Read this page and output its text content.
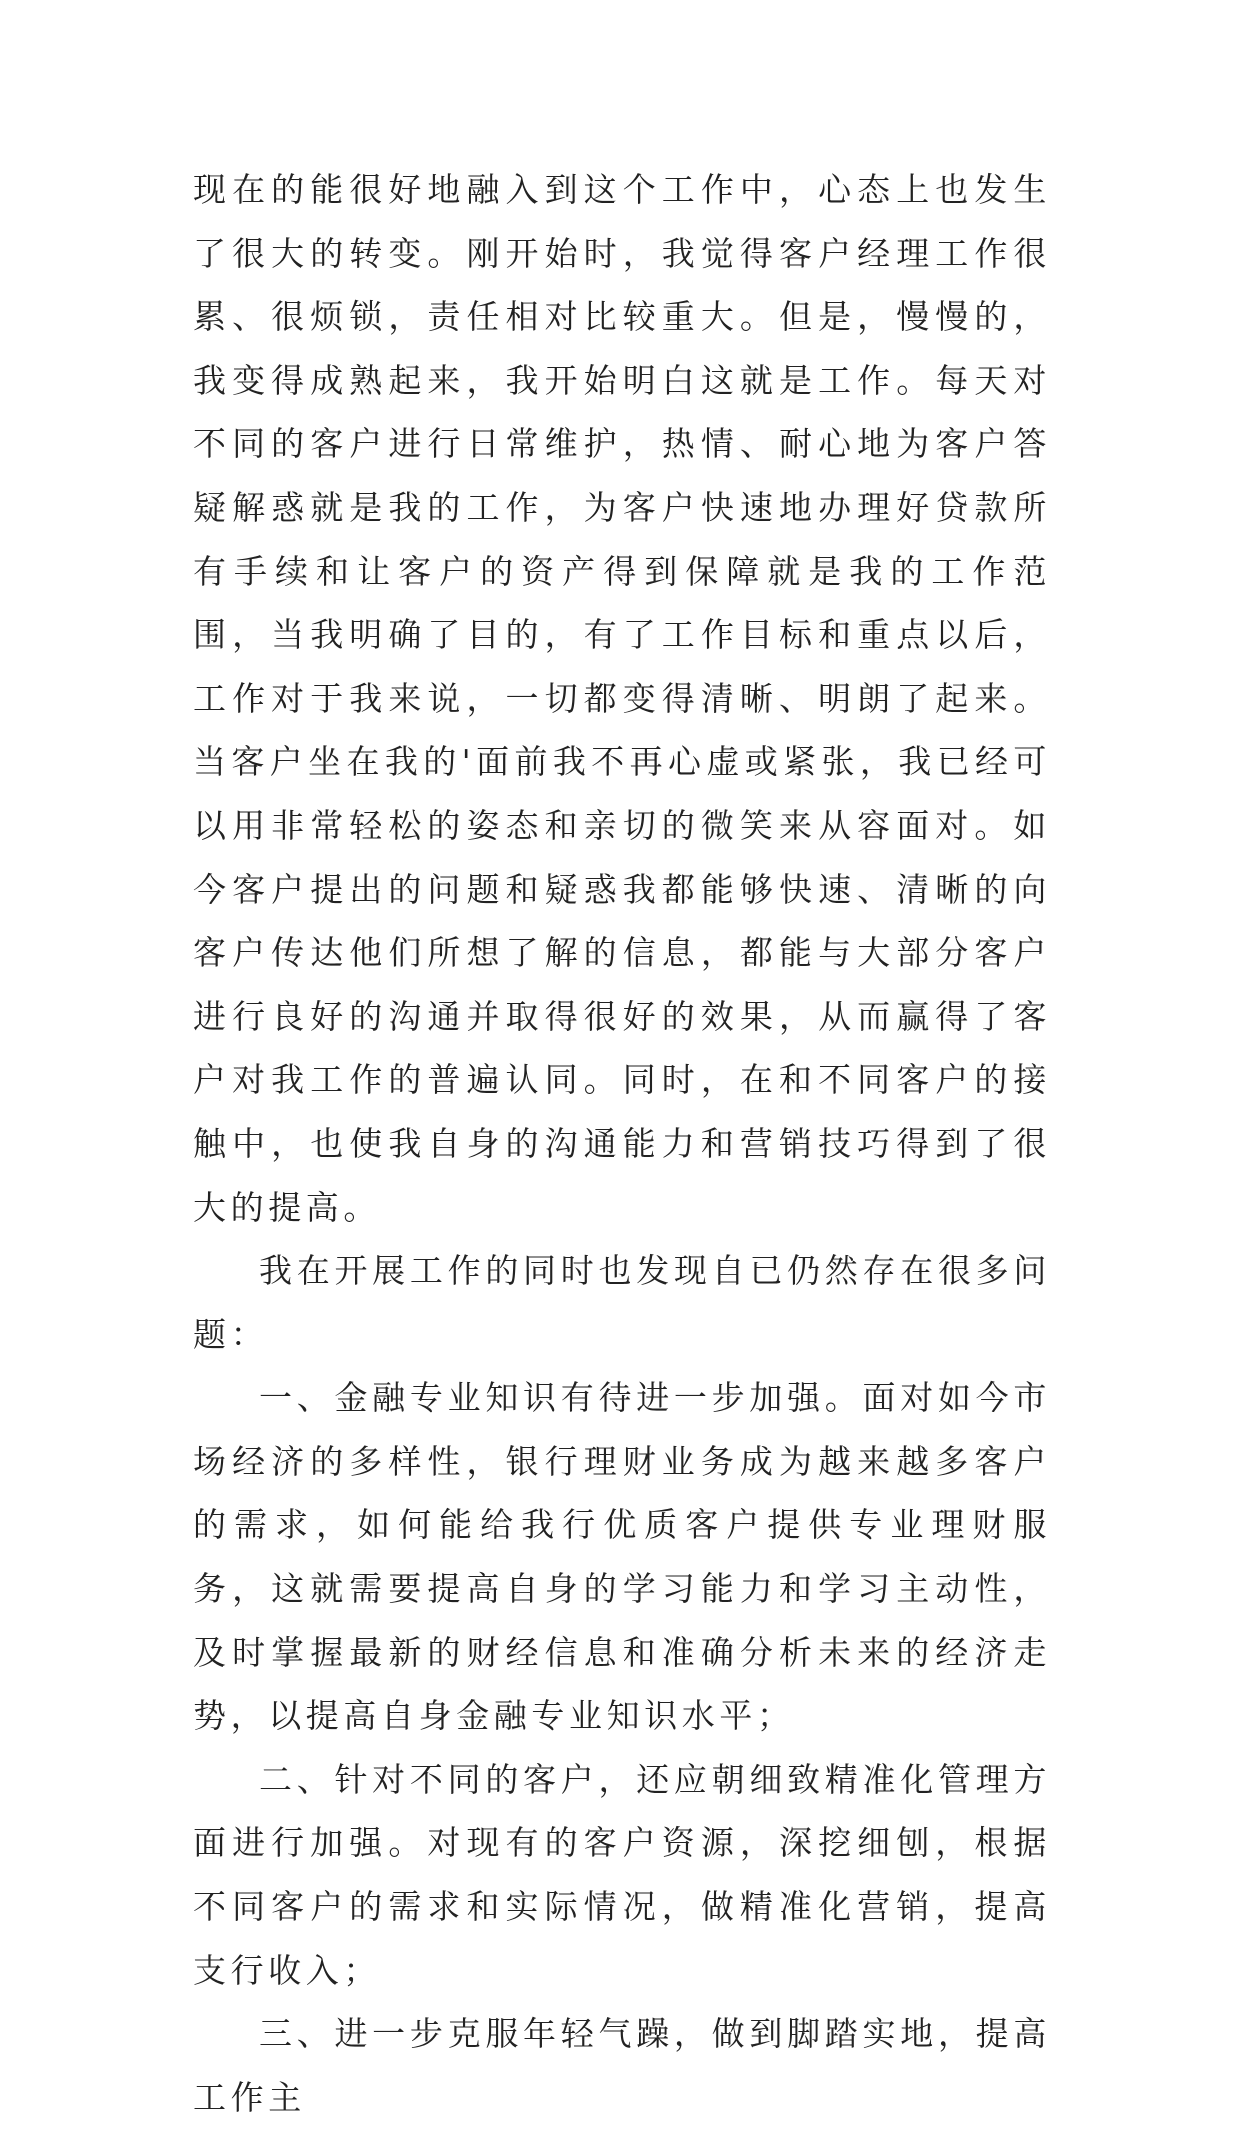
现在的能很好地融入到这个工作中，心态上也发生了很大的转变。刚开始时，我觉得客户经理工作很累、很烦锁，责任相对比较重大。但是，慢慢的，我变得成熟起来，我开始明白这就是工作。每天对不同的客户进行日常维护，热情、耐心地为客户答疑解惑就是我的工作，为客户快速地办理好贷款所有手续和让客户的资产得到保障就是我的工作范围，当我明确了目的，有了工作目标和重点以后，工作对于我来说，一切都变得清晰、明朗了起来。当客户坐在我的'面前我不再心虚或紧张，我已经可以用非常轻松的姿态和亲切的微笑来从容面对。如今客户提出的问题和疑惑我都能够快速、清晰的向客户传达他们所想了解的信息，都能与大部分客户进行良好的沟通并取得很好的效果，从而赢得了客户对我工作的普遍认同。同时，在和不同客户的接触中，也使我自身的沟通能力和营销技巧得到了很大的提高。

我在开展工作的同时也发现自已仍然存在很多问题：

一、金融专业知识有待进一步加强。面对如今市场经济的多样性，银行理财业务成为越来越多客户的需求，如何能给我行优质客户提供专业理财服务，这就需要提高自身的学习能力和学习主动性，及时掌握最新的财经信息和准确分析未来的经济走势，以提高自身金融专业知识水平；

二、针对不同的客户，还应朝细致精准化管理方面进行加强。对现有的客户资源，深挖细刨，根据不同客户的需求和实际情况，做精准化营销，提高支行收入；

三、进一步克服年轻气躁，做到脚踏实地，提高工作主
